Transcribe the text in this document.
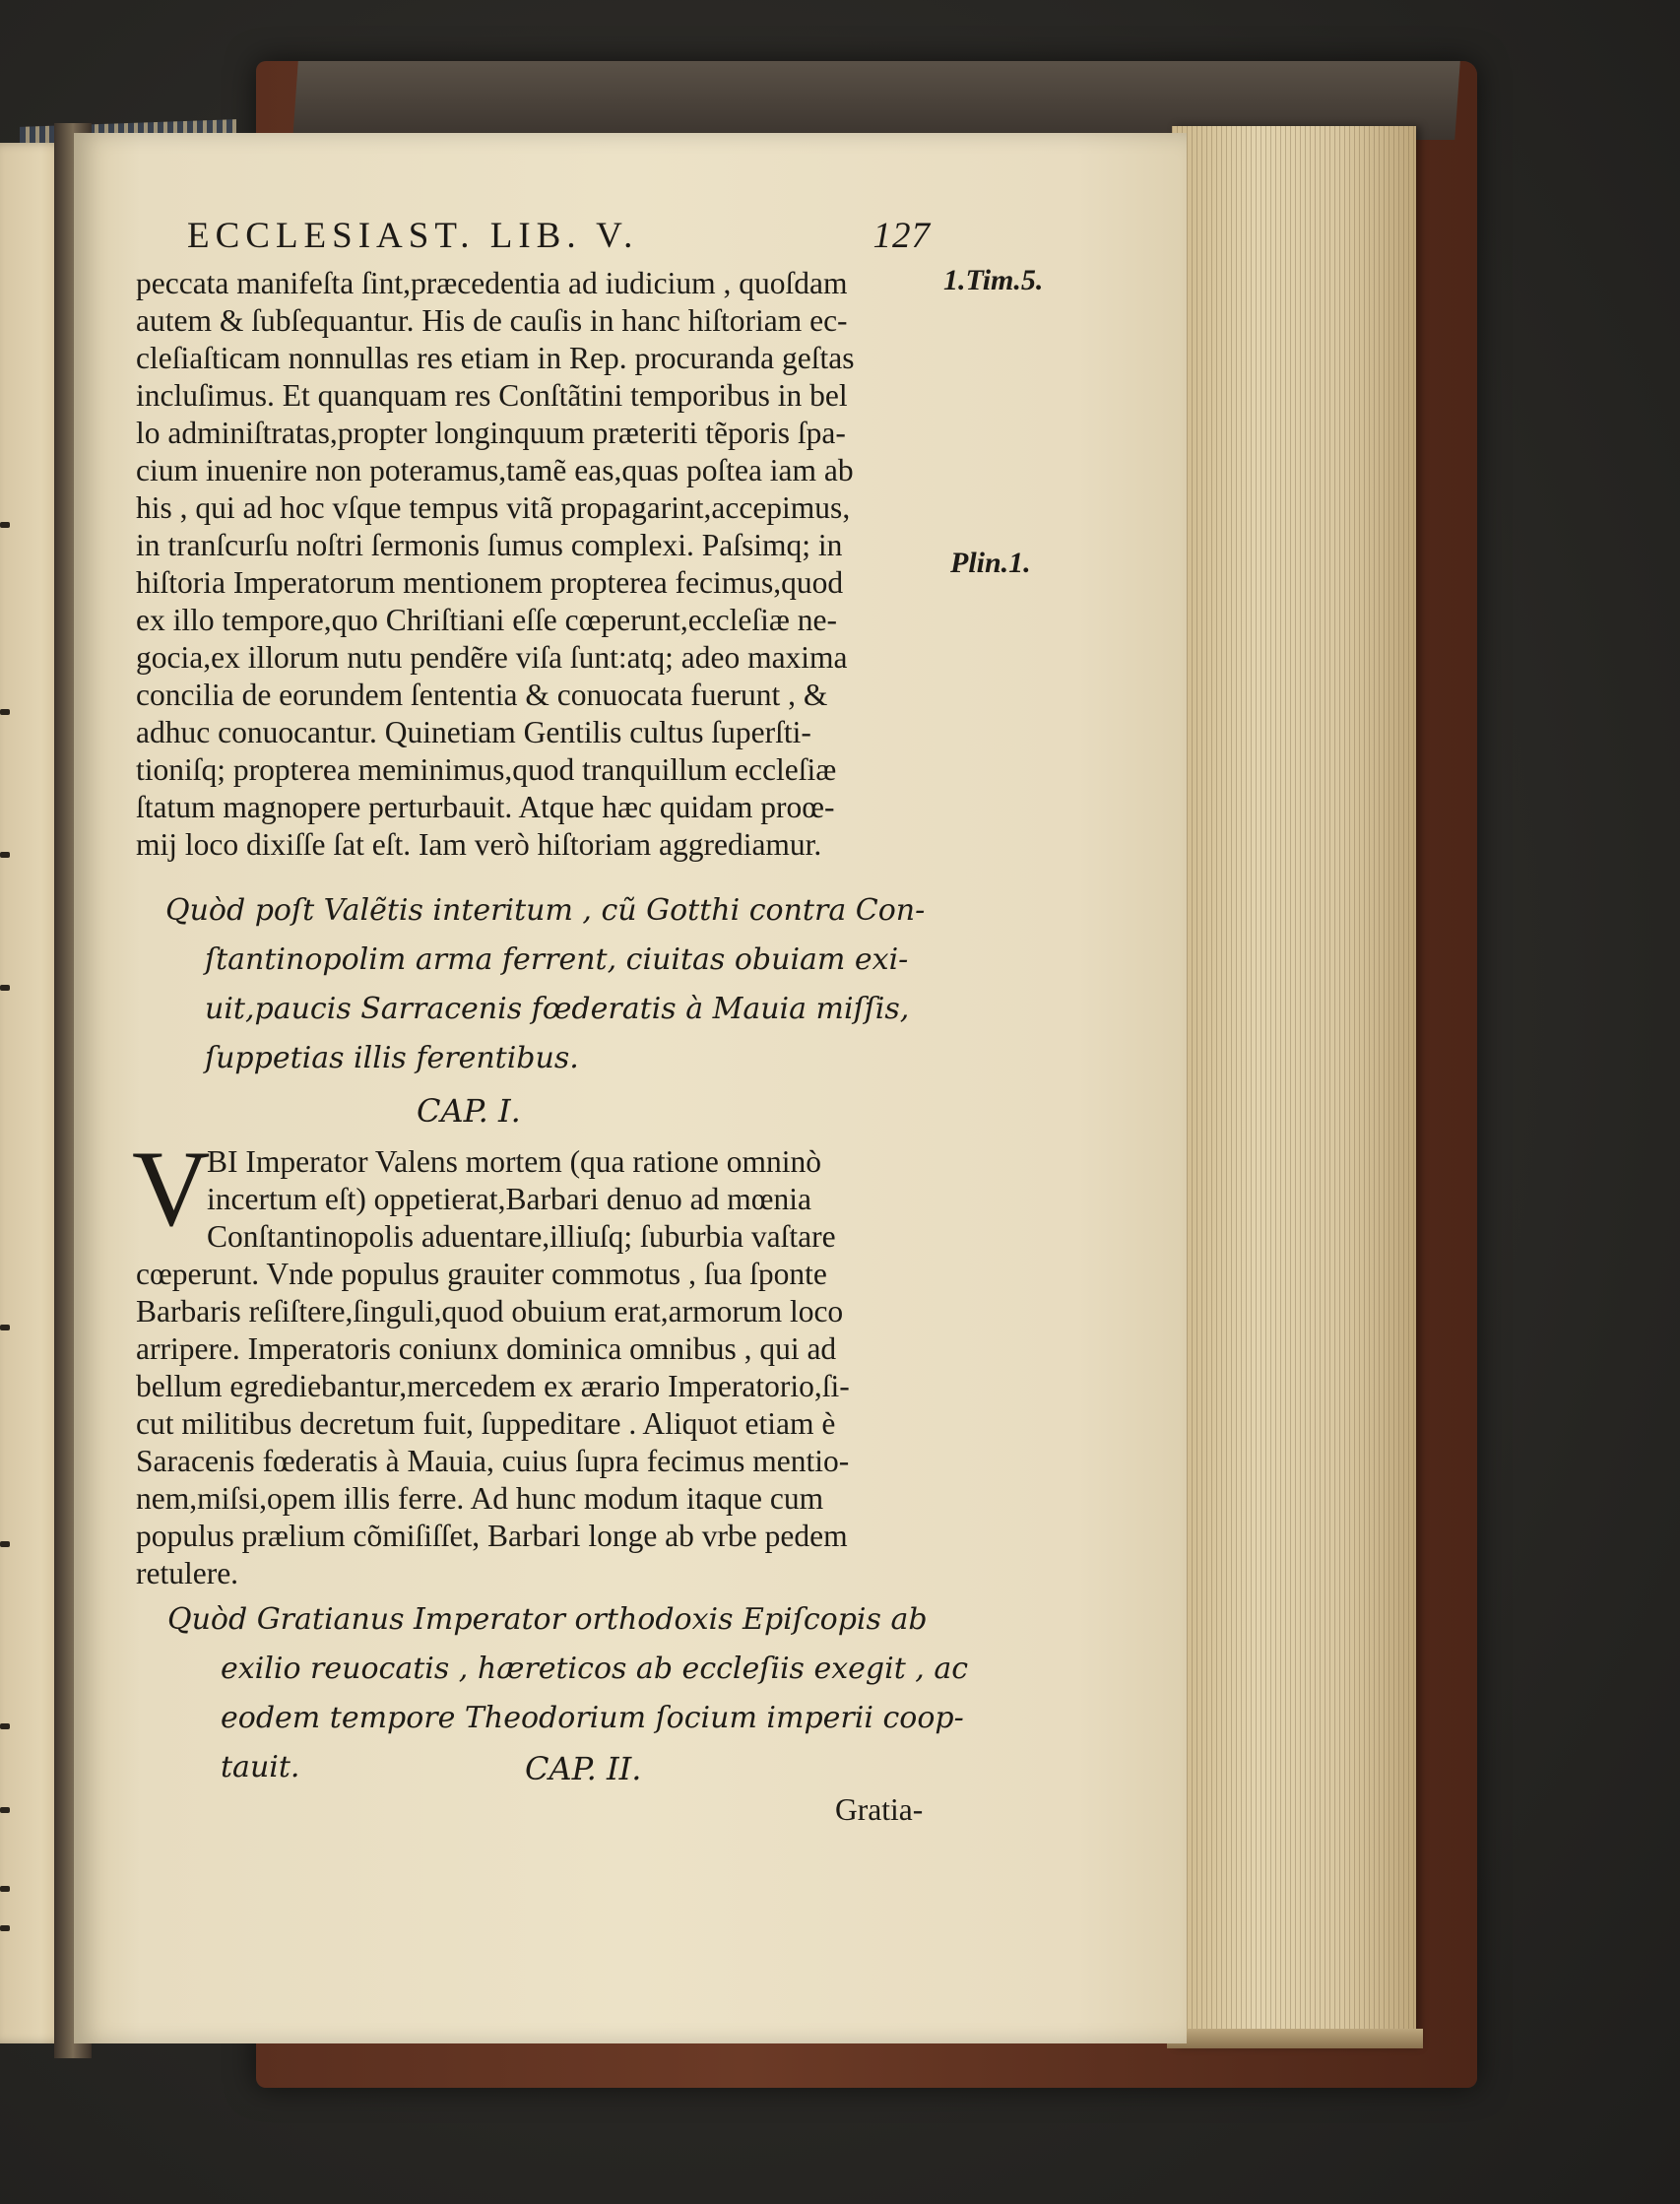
ECCLESIAST. LIB. V.	127
1.Tim.5.
Plin.1.
peccata manifeſta ſint,præcedentia ad iudicium , quoſdam
autem & ſubſequantur. His de cauſis in hanc hiſtoriam ec-
cleſiaſticam nonnullas res etiam in Rep. procuranda geſtas
incluſimus. Et quanquam res Conſtãtini temporibus in bel
lo adminiſtratas,propter longinquum præteriti tẽporis ſpa-
cium inuenire non poteramus,tamẽ eas,quas poſtea iam ab
his , qui ad hoc vſque tempus vitã propagarint,accepimus,
in tranſcurſu noſtri ſermonis ſumus complexi. Paſsimq; in
hiſtoria Imperatorum mentionem propterea fecimus,quod
ex illo tempore,quo Chriſtiani eſſe cœperunt,eccleſiæ ne-
gocia,ex illorum nutu pendẽre viſa ſunt:atq; adeo maxima
concilia de eorundem ſententia & conuocata fuerunt , &
adhuc conuocantur. Quinetiam Gentilis cultus ſuperſti-
tioniſq; propterea meminimus,quod tranquillum eccleſiæ
ſtatum magnopere perturbauit. Atque hæc quidam proœ-
mij loco dixiſſe ſat eſt. Iam verò hiſtoriam aggrediamur.
Quòd poſt Valẽtis interitum , cũ Gotthi contra Con-
ſtantinopolim arma ferrent, ciuitas obuiam exi-
uit,paucis Sarracenis fœderatis à Mauia miſſis,
ſuppetias illis ferentibus.
CAP. I.
V
BI Imperator Valens mortem (qua ratione omninò
incertum eſt) oppetierat,Barbari denuo ad mœnia
Conſtantinopolis aduentare,illiuſq; ſuburbia vaſtare
cœperunt. Vnde populus grauiter commotus , ſua ſponte
Barbaris reſiſtere,ſinguli,quod obuium erat,armorum loco
arripere. Imperatoris coniunx dominica omnibus , qui ad
bellum egrediebantur,mercedem ex ærario Imperatorio,ſi-
cut militibus decretum fuit, ſuppeditare . Aliquot etiam è
Saracenis fœderatis à Mauia, cuius ſupra fecimus mentio-
nem,miſsi,opem illis ferre. Ad hunc modum itaque cum
populus prælium cõmiſiſſet, Barbari longe ab vrbe pedem
retulere.
Quòd Gratianus Imperator orthodoxis Epiſcopis ab
exilio reuocatis , hæreticos ab eccleſiis exegit , ac
eodem tempore Theodorium ſocium imperii coop-
tauit.	CAP. II.
Gratia-
